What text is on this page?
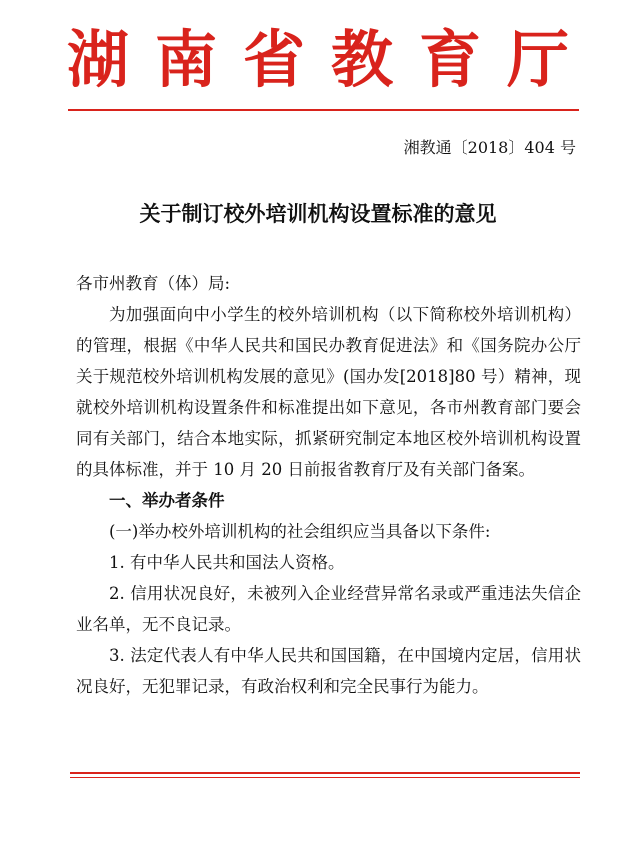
湖南省教育厅
湘教通〔2018〕404 号
关于制订校外培训机构设置标准的意见

各市州教育（体）局:

为加强面向中小学生的校外培训机构（以下简称校外培训机构）的管理，根据《中华人民共和国民办教育促进法》和《国务院办公厅关于规范校外培训机构发展的意见》(国办发[2018]80 号）精神，现就校外培训机构设置条件和标准提出如下意见，各市州教育部门要会同有关部门，结合本地实际，抓紧研究制定本地区校外培训机构设置的具体标准，并于 10 月 20 日前报省教育厅及有关部门备案。

一、举办者条件

(一)举办校外培训机构的社会组织应当具备以下条件:

1. 有中华人民共和国法人资格。

2. 信用状况良好，未被列入企业经营异常名录或严重违法失信企业名单，无不良记录。

3. 法定代表人有中华人民共和国国籍，在中国境内定居，信用状况良好，无犯罪记录，有政治权利和完全民事行为能力。
